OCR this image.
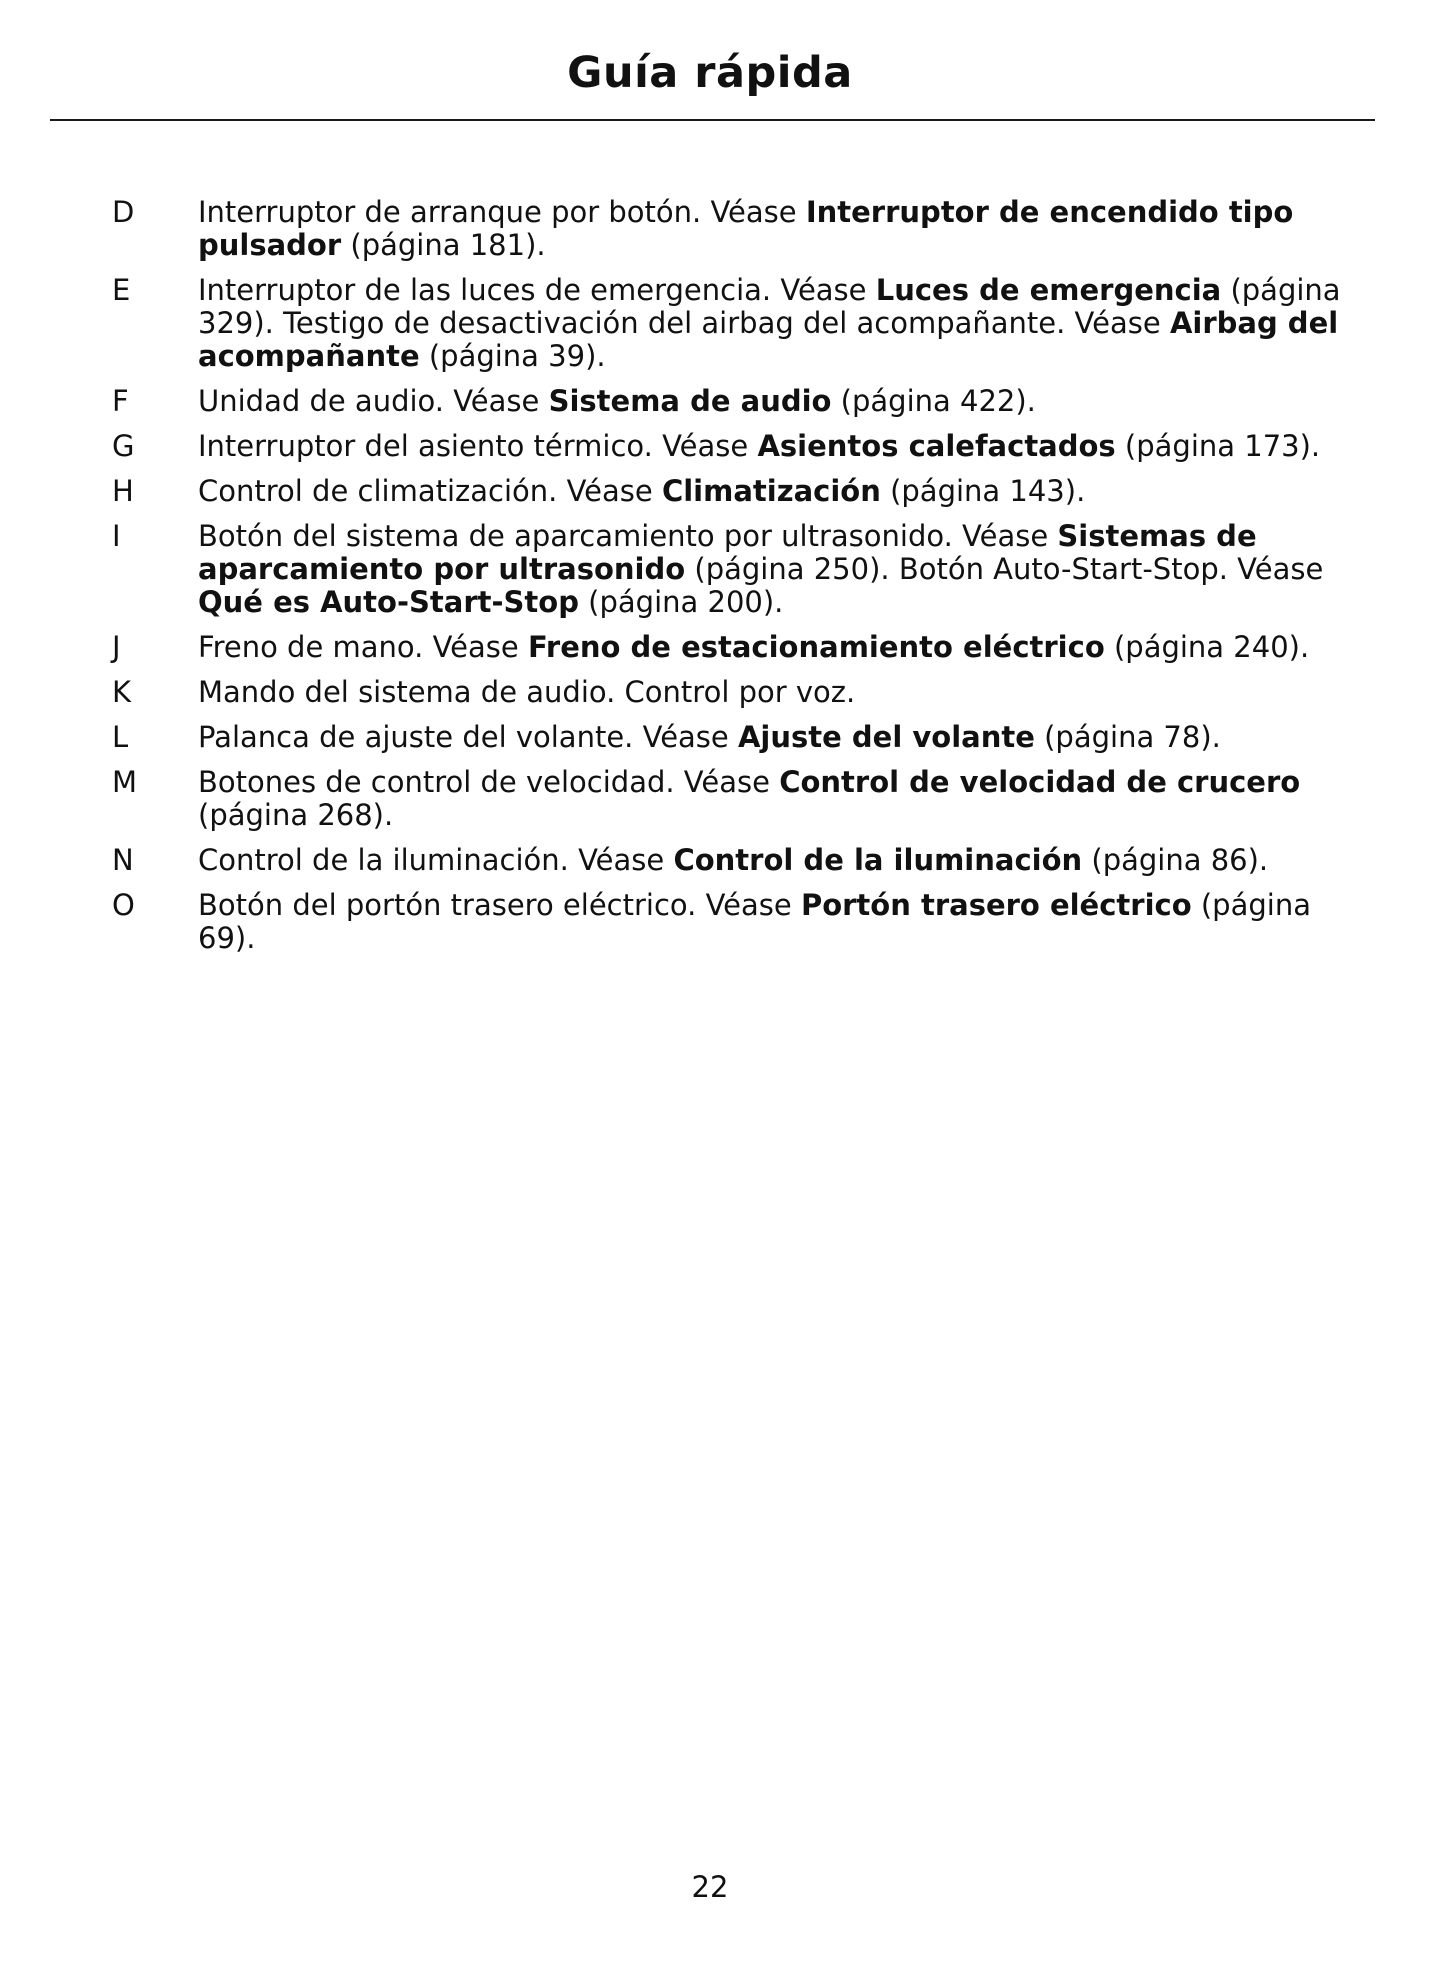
Guía rápida
D Interruptor de arranque por botón. Véase Interruptor de encendido tipo pulsador (página 181).
E Interruptor de las luces de emergencia. Véase Luces de emergencia (página 329). Testigo de desactivación del airbag del acompañante. Véase Airbag del acompañante (página 39).
F Unidad de audio. Véase Sistema de audio (página 422).
G Interruptor del asiento térmico. Véase Asientos calefactados (página 173).
H Control de climatización. Véase Climatización (página 143).
I	Botón del sistema de aparcamiento por ultrasonido. Véase Sistemas de aparcamiento por ultrasonido (página 250). Botón Auto-Start-Stop. Véase Qué es Auto-Start-Stop (página 200).
J	Freno de mano. Véase Freno de estacionamiento eléctrico (página 240).
K Mando del sistema de audio. Control por voz.
L Palanca de ajuste del volante. Véase Ajuste del volante (página 78).
M Botones de control de velocidad. Véase Control de velocidad de crucero (página 268).
N Control de la iluminación. Véase Control de la iluminación (página 86).
O Botón del portón trasero eléctrico. Véase Portón trasero eléctrico (página 69).
22
